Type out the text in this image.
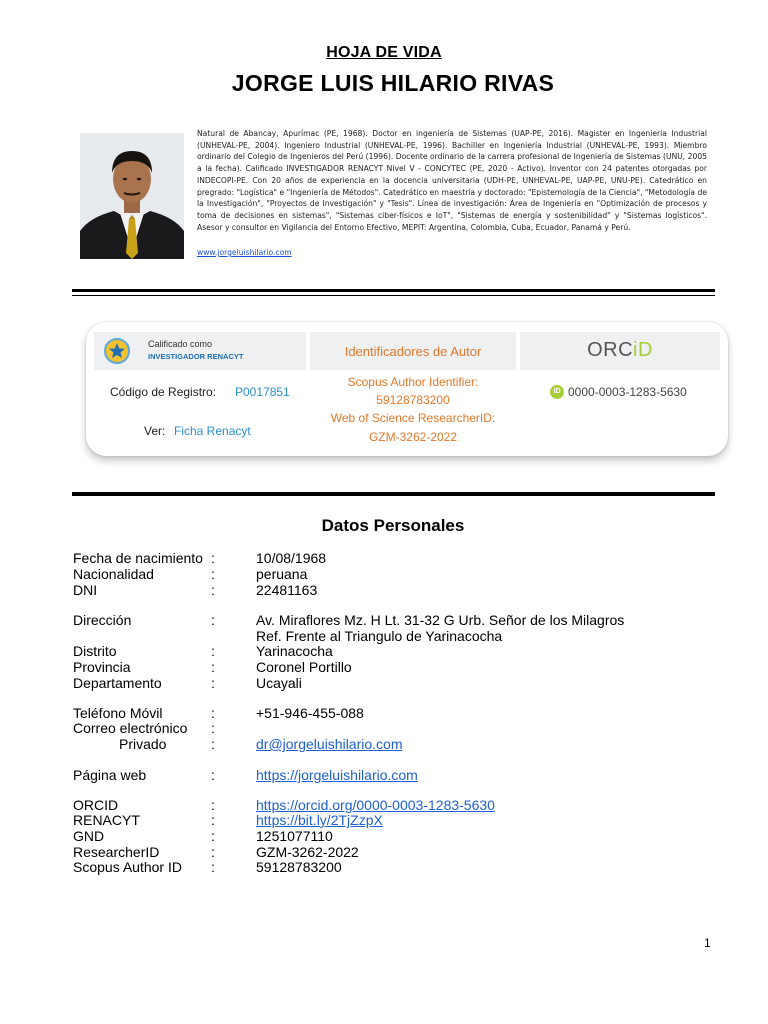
HOJA DE VIDA
JORGE LUIS HILARIO RIVAS
Natural de Abancay, Apurímac (PE, 1968). Doctor en ingeniería de Sistemas (UAP-PE, 2016). Magister en Ingeniería Industrial (UNHEVAL-PE, 2004). Ingeniero Industrial (UNHEVAL-PE, 1996). Bachiller en Ingeniería Industrial (UNHEVAL-PE, 1993). Miembro ordinario del Colegio de Ingenieros del Perú (1996). Docente ordinario de la carrera profesional de Ingeniería de Sistemas (UNU, 2005 a la fecha). Calificado INVESTIGADOR RENACYT Nivel V - CONCYTEC (PE, 2020 - Activo). Inventor con 24 patentes otorgadas por INDECOPI-PE. Con 20 años de experiencia en la docencia universitaria (UDH-PE, UNHEVAL-PE, UAP-PE, UNU-PE). Catedrático en pregrado: "Logística" e "Ingeniería de Métodos". Catedrático en maestría y doctorado: "Epistemología de la Ciencia", "Metodología de la Investigación", "Proyectos de Investigación" y "Tesis". Línea de investigación: Área de Ingeniería en "Optimización de procesos y toma de decisiones en sistemas", "Sistemas ciber-físicos e IoT", "Sistemas de energía y sostenibilidad" y "Sistemas logísticos". Asesor y consultor en Vigilancia del Entorno Efectivo, MEPIT: Argentina, Colombia, Cuba, Ecuador, Panamá y Perú.
www.jorgeluishilario.com
Calificado como
INVESTIGADOR RENACYT	Identificadores de Autor	ORCiD
Código de Registro: P0017851
Ver: Ficha Renacyt
Scopus Author Identifier:
59128783200
Web of Science ResearcherID:
GZM-3262-2022
iD 0000-0003-1283-5630
Datos Personales
Fecha de nacimiento :	10/08/1968
Nacionalidad	:	peruana
DNI	:	22481163
Dirección	:	Av. Miraflores Mz. H Lt. 31-32 G Urb. Señor de los Milagros
Ref. Frente al Triangulo de Yarinacocha
Distrito	:	Yarinacocha
Provincia	:	Coronel Portillo
Departamento	:	Ucayali
Teléfono Móvil	:	+51-946-455-088
Correo electrónico :
Privado	:	dr@jorgeluishilario.com
Página web	:	https://jorgeluishilario.com
ORCID	:	https://orcid.org/0000-0003-1283-5630
RENACYT	:	https://bit.ly/2TjZzpX
GND	:	1251077110
ResearcherID	:	GZM-3262-2022
Scopus Author ID :	59128783200
1
